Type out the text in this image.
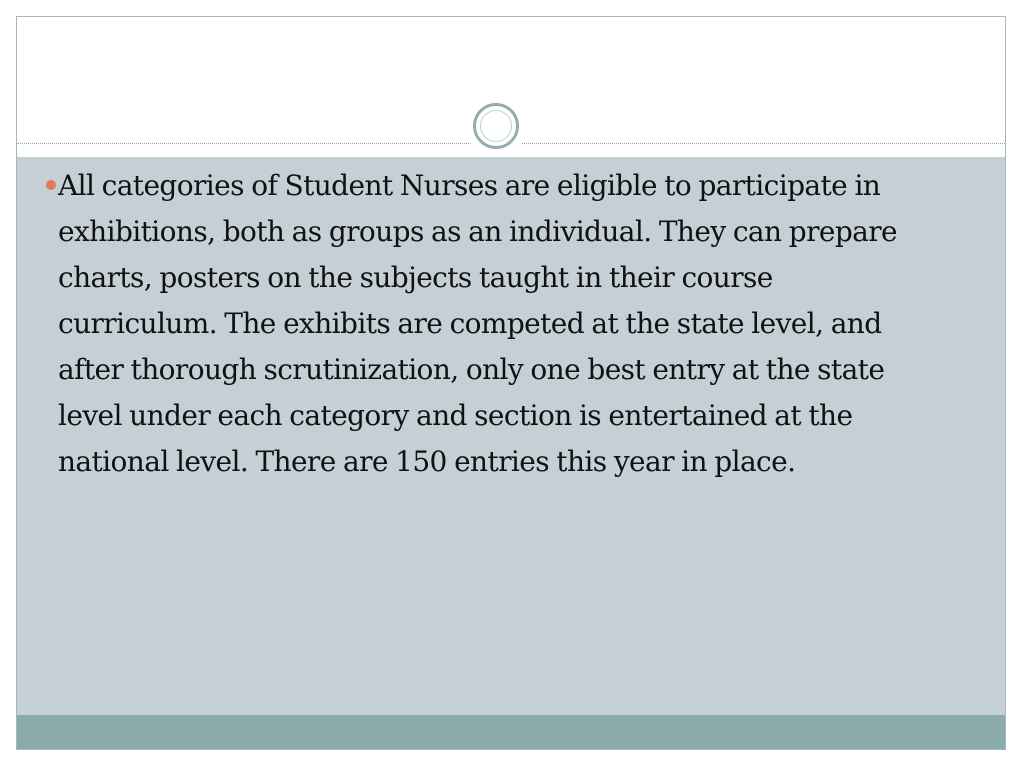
All categories of Student Nurses are eligible to participate in exhibitions, both as groups as an individual. They can prepare charts, posters on the subjects taught in their course curriculum. The exhibits are competed at the state level, and after thorough scrutinization, only one best entry at the state level under each category and section is entertained at the national level. There are 150 entries this year in place.
